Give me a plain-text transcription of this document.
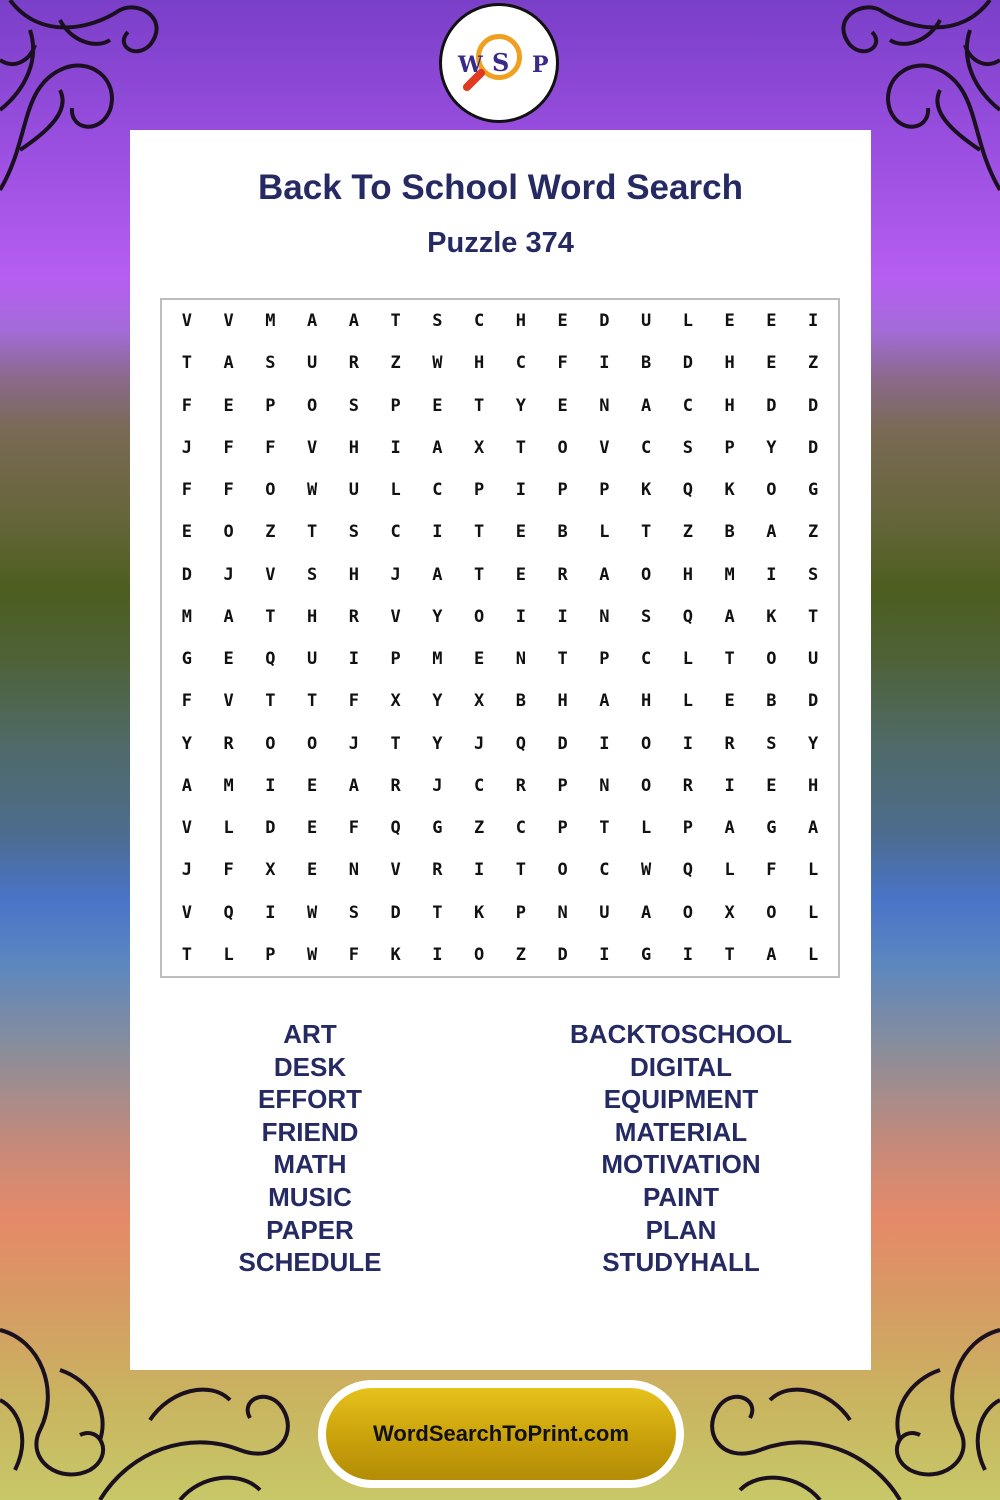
W S P
Back To School Word Search
Puzzle 374
V	V	M	A	A	T	S	C	H	E	D	U	L	E	E	I
T	A	S	U	R	Z	W	H	C	F	I	B	D	H	E	Z
F	E	P	O	S	P	E	T	Y	E	N	A	C	H	D	D
J	F	F	V	H	I	A	X	T	O	V	C	S	P	Y	D
F	F	O	W	U	L	C	P	I	P	P	K	Q	K	O	G
E	O	Z	T	S	C	I	T	E	B	L	T	Z	B	A	Z
D	J	V	S	H	J	A	T	E	R	A	O	H	M	I	S
M	A	T	H	R	V	Y	O	I	I	N	S	Q	A	K	T
G	E	Q	U	I	P	M	E	N	T	P	C	L	T	O	U
F	V	T	T	F	X	Y	X	B	H	A	H	L	E	B	D
Y	R	O	O	J	T	Y	J	Q	D	I	O	I	R	S	Y
A	M	I	E	A	R	J	C	R	P	N	O	R	I	E	H
V	L	D	E	F	Q	G	Z	C	P	T	L	P	A	G	A
J	F	X	E	N	V	R	I	T	O	C	W	Q	L	F	L
V	Q	I	W	S	D	T	K	P	N	U	A	O	X	O	L
T	L	P	W	F	K	I	O	Z	D	I	G	I	T	A	L
ART
DESK
EFFORT
FRIEND
MATH
MUSIC
PAPER
SCHEDULE
BACKTOSCHOOL
DIGITAL
EQUIPMENT
MATERIAL
MOTIVATION
PAINT
PLAN
STUDYHALL
WordSearchToPrint.com
